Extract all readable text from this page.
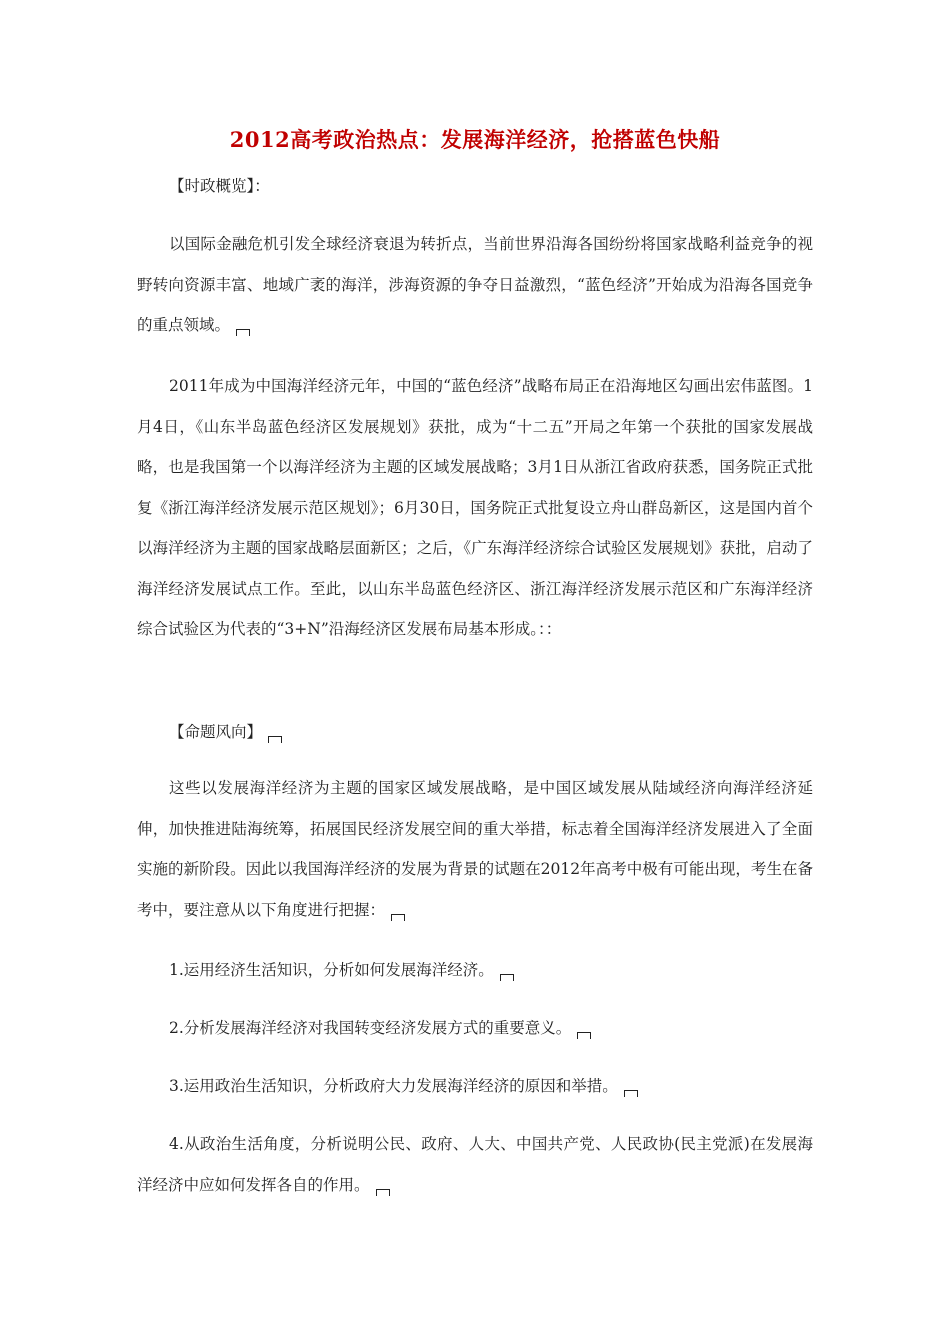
2012高考政治热点：发展海洋经济，抢搭蓝色快船
【时政概览】：

以国际金融危机引发全球经济衰退为转折点，当前世界沿海各国纷纷将国家战略利益竞争的视野转向资源丰富、地域广袤的海洋，涉海资源的争夺日益激烈，“蓝色经济”开始成为沿海各国竞争的重点领域。

2011年成为中国海洋经济元年，中国的“蓝色经济”战略布局正在沿海地区勾画出宏伟蓝图。1月4日，《山东半岛蓝色经济区发展规划》获批，成为“十二五”开局之年第一个获批的国家发展战略，也是我国第一个以海洋经济为主题的区域发展战略；3月1日从浙江省政府获悉，国务院正式批复《浙江海洋经济发展示范区规划》；6月30日，国务院正式批复设立舟山群岛新区，这是国内首个以海洋经济为主题的国家战略层面新区；之后，《广东海洋经济综合试验区发展规划》获批，启动了海洋经济发展试点工作。至此，以山东半岛蓝色经济区、浙江海洋经济发展示范区和广东海洋经济综合试验区为代表的“3+N”沿海经济区发展布局基本形成。：：

【命题风向】

这些以发展海洋经济为主题的国家区域发展战略，是中国区域发展从陆域经济向海洋经济延伸，加快推进陆海统筹，拓展国民经济发展空间的重大举措，标志着全国海洋经济发展进入了全面实施的新阶段。因此以我国海洋经济的发展为背景的试题在2012年高考中极有可能出现，考生在备考中，要注意从以下角度进行把握：

1.运用经济生活知识，分析如何发展海洋经济。

2.分析发展海洋经济对我国转变经济发展方式的重要意义。

3.运用政治生活知识，分析政府大力发展海洋经济的原因和举措。

4.从政治生活角度，分析说明公民、政府、人大、中国共产党、人民政协(民主党派)在发展海洋经济中应如何发挥各自的作用。
